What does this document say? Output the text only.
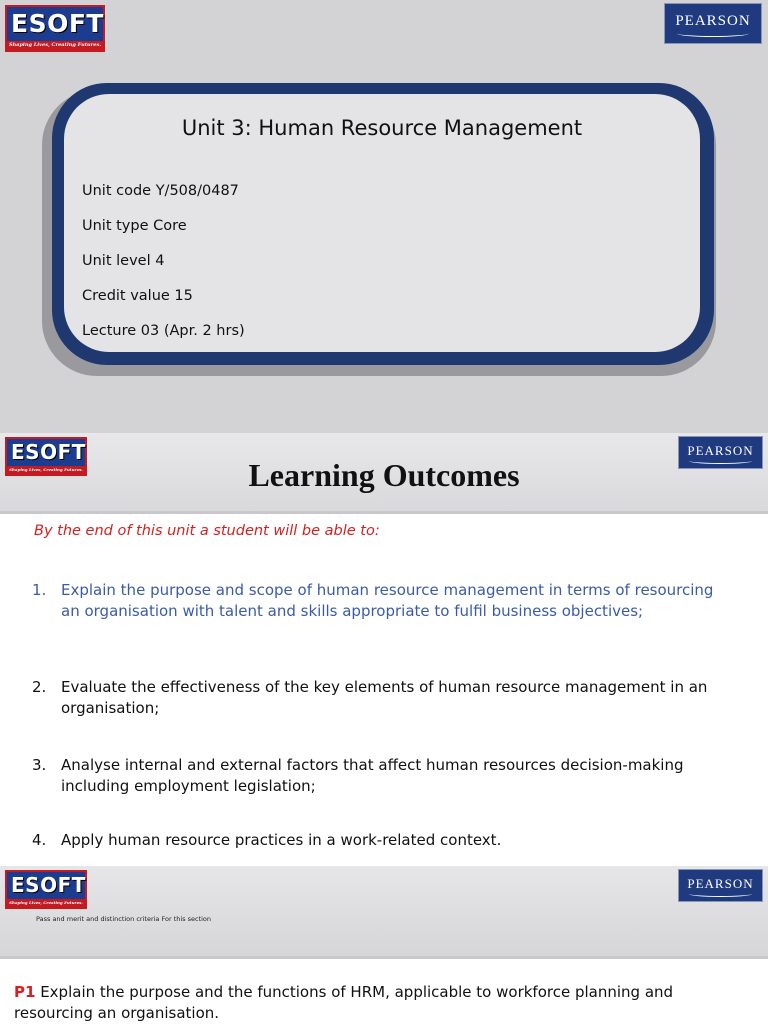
ESOFT
Shaping Lives, Creating Futures.
PEARSON
Unit 3: Human Resource Management
Unit code Y/508/0487
Unit type Core
Unit level 4
Credit value 15
Lecture 03 (Apr. 2 hrs)
ESOFT
Shaping Lives, Creating Futures.
PEARSON
Learning Outcomes
By the end of this unit a student will be able to:
1. Explain the purpose and scope of human resource management in terms of resourcing an organisation with talent and skills appropriate to fulfil business objectives;
2. Evaluate the effectiveness of the key elements of human resource management in an organisation;
3. Analyse internal and external factors that affect human resources decision-making including employment legislation;
4. Apply human resource practices in a work-related context.
ESOFT
Shaping Lives, Creating Futures.
PEARSON
Pass and merit and distinction criteria For this section
P1 Explain the purpose and the functions of HRM, applicable to workforce planning and resourcing an organisation.
